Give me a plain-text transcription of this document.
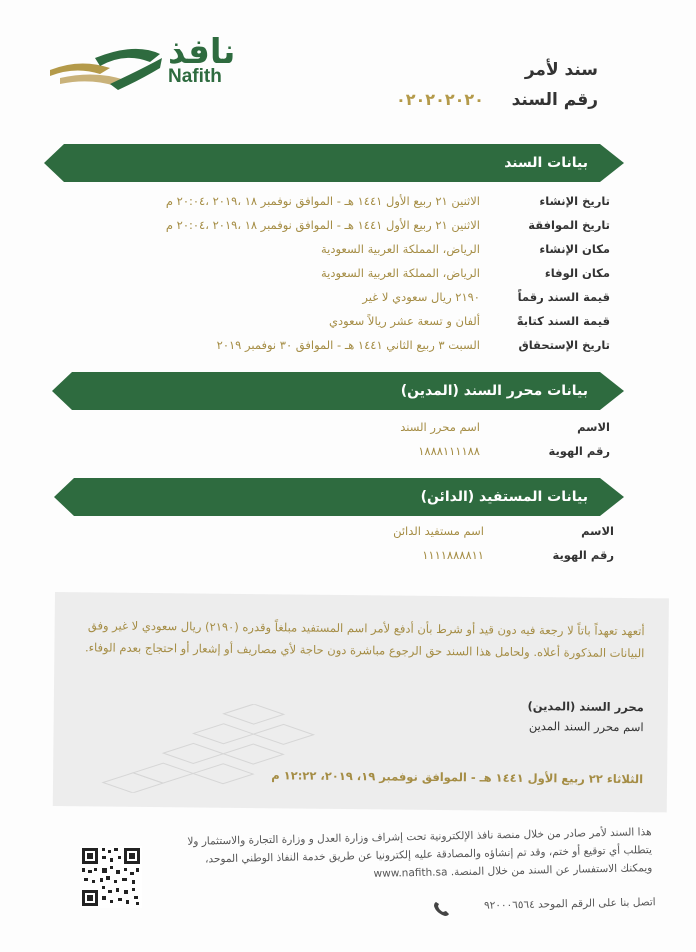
نافذ
Nafith	سند لأمر
رقم السند
٠٢٠٢٠٢٠٢٠
بيانات السند
تاريخ الإنشاء
الاثنين ٢١ ربيع الأول ١٤٤١ هـ - الموافق نوفمبر ١٨ ،٢٠١٩ ،٢٠:٠٤ م
تاريخ الموافقة
الاثنين ٢١ ربيع الأول ١٤٤١ هـ - الموافق نوفمبر ١٨ ،٢٠١٩ ،٢٠:٠٤ م
مكان الإنشاء
الرياض، المملكة العربية السعودية
مكان الوفاء
الرياض، المملكة العربية السعودية
قيمة السند رقماً
٢١٩٠ ريال سعودي لا غير
قيمة السند كتابةً
ألفان و تسعة عشر ريالاً سعودي
تاريخ الإستحقاق
السبت ٣ ربيع الثاني ١٤٤١ هـ - الموافق ٣٠ نوفمبر ٢٠١٩
بيانات محرر السند (المدين)
الاسم
اسم محرر السند
رقم الهوية
١٨٨٨١١١١٨٨
بيانات المستفيد (الدائن)
الاسم
اسم مستفيد الدائن
رقم الهوية
١١١١٨٨٨٨١١
أتعهد تعهداً باتاً لا رجعة فيه دون قيد أو شرط بأن أدفع لأمر اسم المستفيد مبلغاً وقدره (٢١٩٠) ريال سعودي لا غير وفق البيانات المذكورة أعلاه. ولحامل هذا السند حق الرجوع مباشرة دون حاجة لأي مصاريف أو إشعار أو احتجاج بعدم الوفاء.
محرر السند (المدين)
اسم محرر السند المدين
الثلاثاء ٢٢ ربيع الأول ١٤٤١ هـ - الموافق نوفمبر ١٩، ٢٠١٩، ١٢:٢٢ م
هذا السند لأمر صادر من خلال منصة نافذ الإلكترونية تحت إشراف وزارة العدل و وزارة التجارة والاستثمار ولا يتطلب أي توقيع أو ختم، وقد تم إنشاؤه والمصادقة عليه إلكترونيا عن طريق خدمة النفاذ الوطني الموحد، ويمكنك الاستفسار عن السند من خلال المنصة. www.nafith.sa
اتصل بنا على الرقم الموحد ٩٢٠٠٠٦٥٦٤
